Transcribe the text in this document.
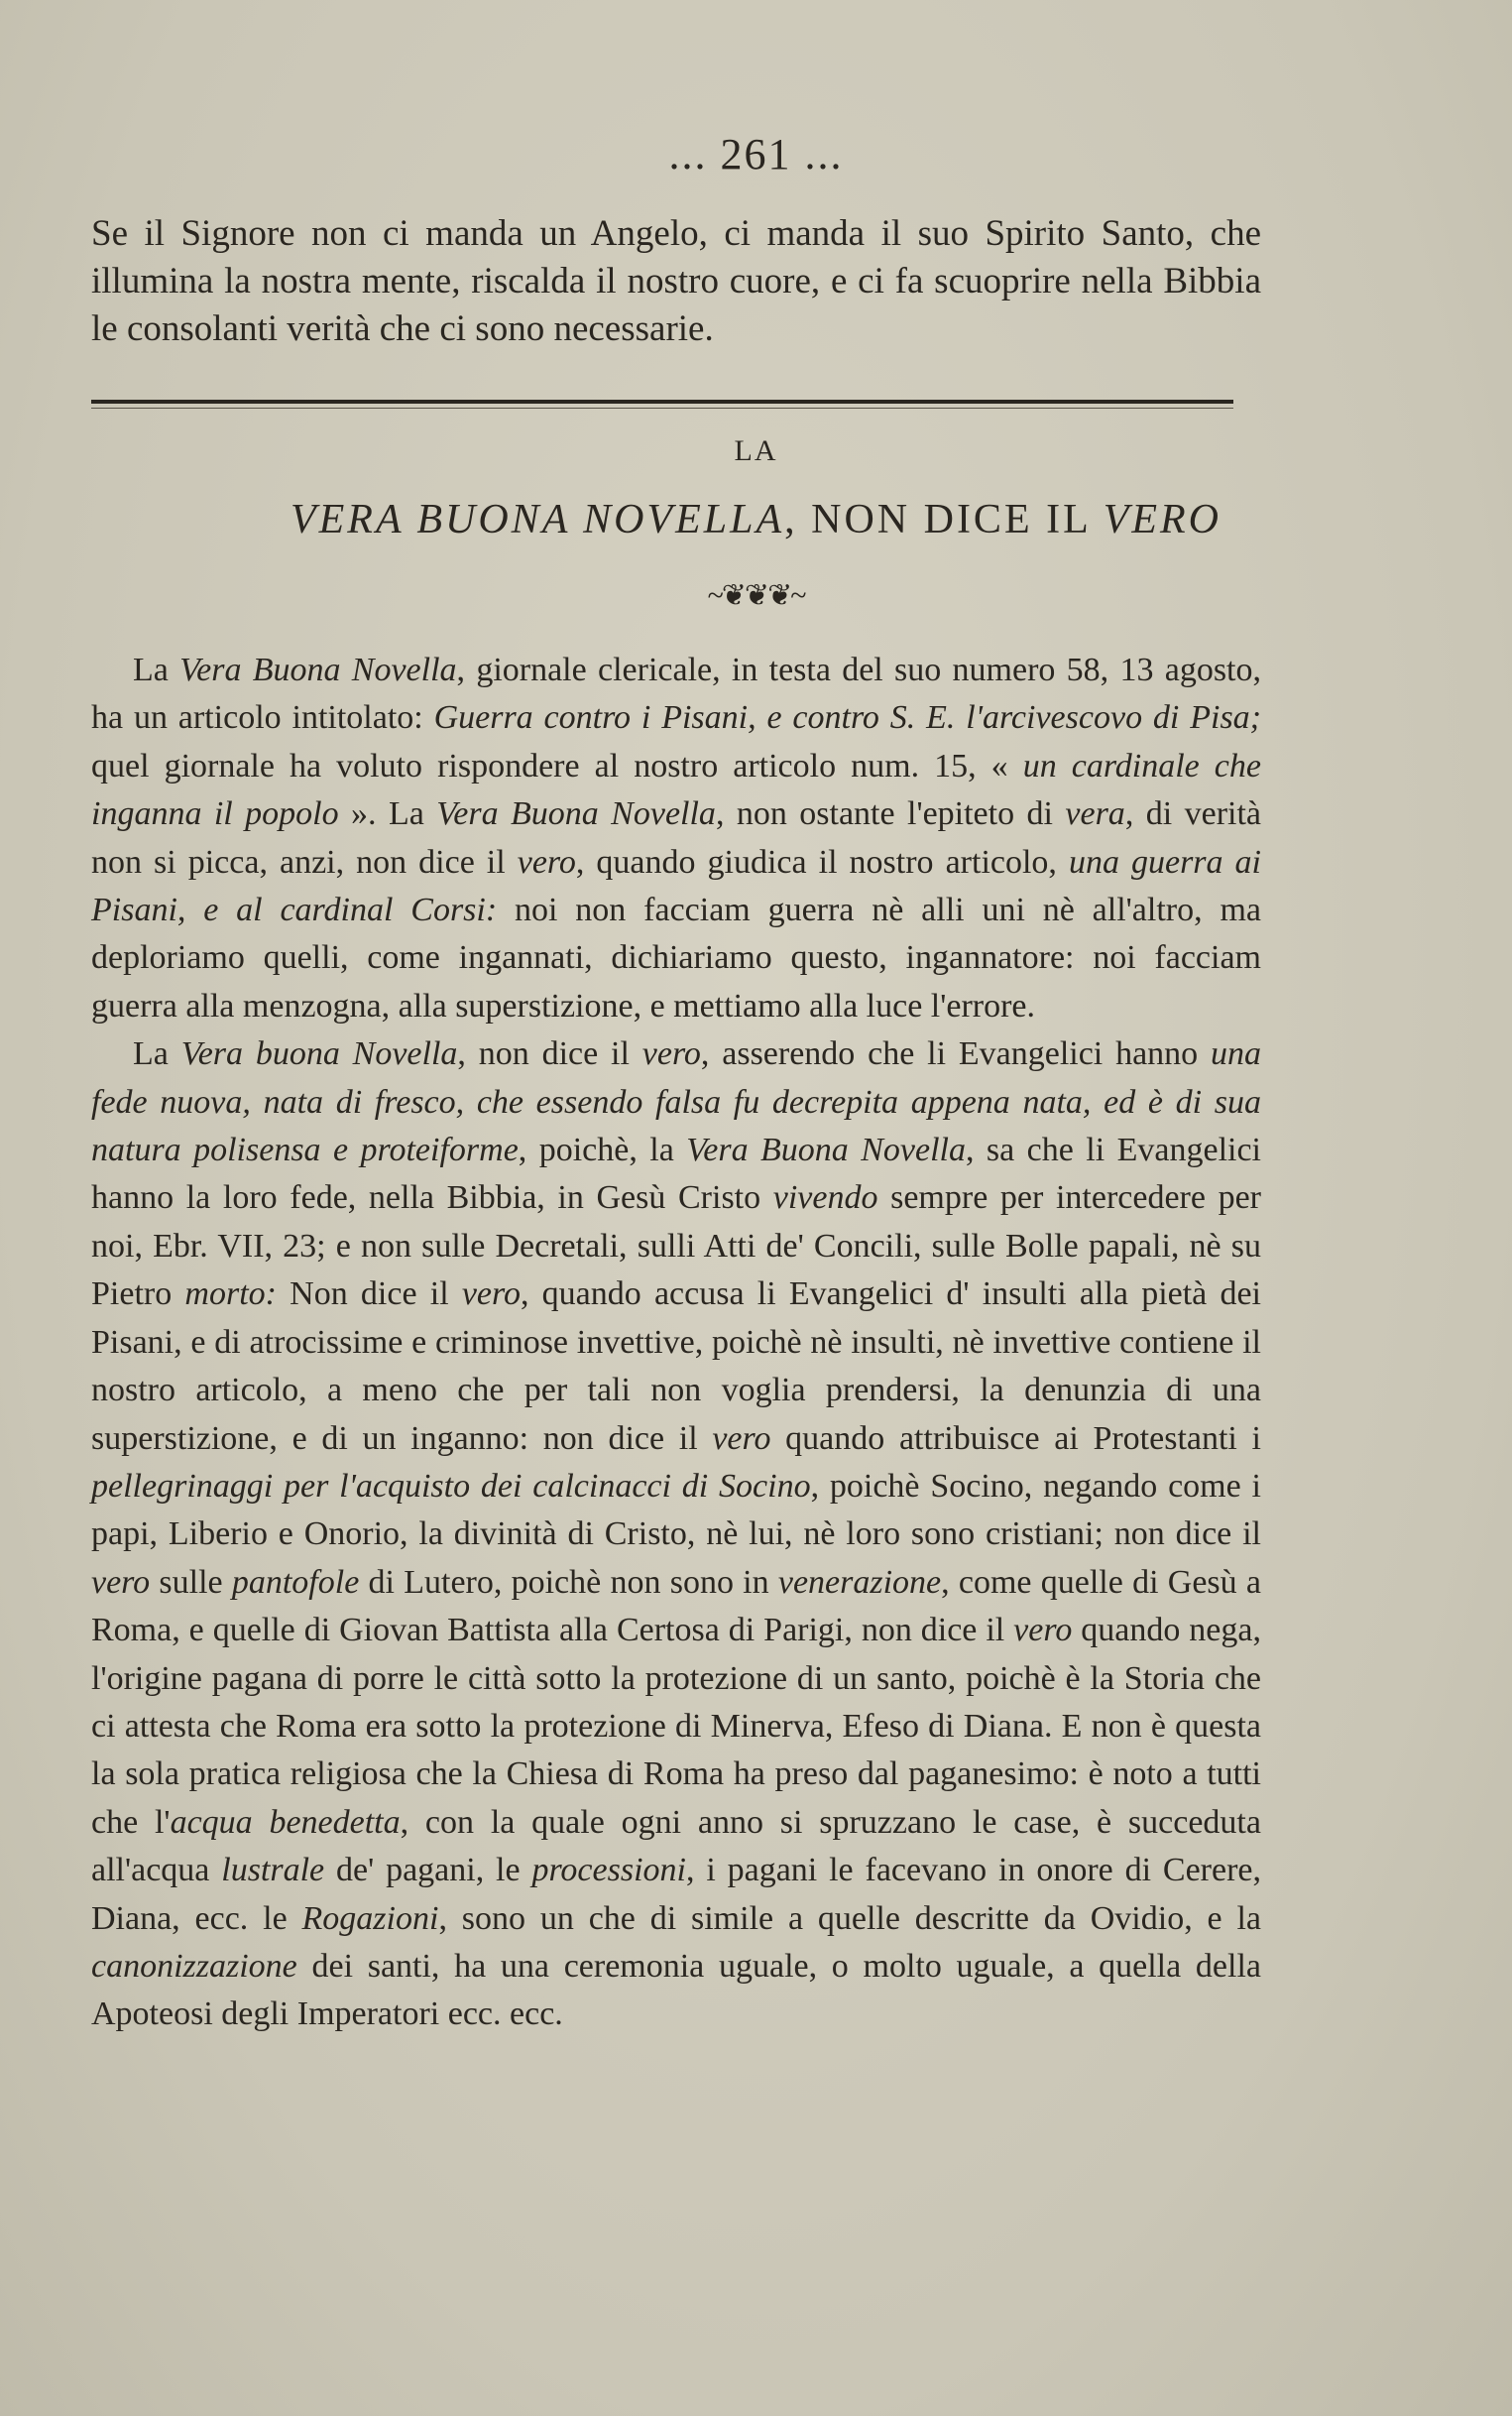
... 261 ...
Se il Signore non ci manda un Angelo, ci manda il suo Spirito Santo, che illumina la nostra mente, riscalda il nostro cuore, e ci fa scuoprire nella Bibbia le consolanti verità che ci sono necessarie.
LA
VERA BUONA NOVELLA, NON DICE IL VERO
~❦❦❦~

La Vera Buona Novella, giornale clericale, in testa del suo numero 58, 13 agosto, ha un articolo intitolato: Guerra contro i Pisani, e contro S. E. l'arcivescovo di Pisa; quel giornale ha voluto rispondere al nostro articolo num. 15, « un cardinale che inganna il popolo ». La Vera Buona Novella, non ostante l'epiteto di vera, di verità non si picca, anzi, non dice il vero, quando giudica il nostro articolo, una guerra ai Pisani, e al cardinal Corsi: noi non facciam guerra nè alli uni nè all'altro, ma deploriamo quelli, come ingannati, dichiariamo questo, ingannatore: noi facciam guerra alla menzogna, alla superstizione, e mettiamo alla luce l'errore.

La Vera buona Novella, non dice il vero, asserendo che li Evangelici hanno una fede nuova, nata di fresco, che essendo falsa fu decrepita appena nata, ed è di sua natura polisensa e proteiforme, poichè, la Vera Buona Novella, sa che li Evangelici hanno la loro fede, nella Bibbia, in Gesù Cristo vivendo sempre per intercedere per noi, Ebr. VII, 23; e non sulle Decretali, sulli Atti de' Concili, sulle Bolle papali, nè su Pietro morto: Non dice il vero, quando accusa li Evangelici d' insulti alla pietà dei Pisani, e di atrocissime e criminose invettive, poichè nè insulti, nè invettive contiene il nostro articolo, a meno che per tali non voglia prendersi, la denunzia di una superstizione, e di un inganno: non dice il vero quando attribuisce ai Protestanti i pellegrinaggi per l'acquisto dei calcinacci di Socino, poichè Socino, negando come i papi, Liberio e Onorio, la divinità di Cristo, nè lui, nè loro sono cristiani; non dice il vero sulle pantofole di Lutero, poichè non sono in venerazione, come quelle di Gesù a Roma, e quelle di Giovan Battista alla Certosa di Parigi, non dice il vero quando nega, l'origine pagana di porre le città sotto la protezione di un santo, poichè è la Storia che ci attesta che Roma era sotto la protezione di Minerva, Efeso di Diana. E non è questa la sola pratica religiosa che la Chiesa di Roma ha preso dal paganesimo: è noto a tutti che l'acqua benedetta, con la quale ogni anno si spruzzano le case, è succeduta all'acqua lustrale de' pagani, le processioni, i pagani le facevano in onore di Cerere, Diana, ecc. le Rogazioni, sono un che di simile a quelle descritte da Ovidio, e la canonizzazione dei santi, ha una ceremonia uguale, o molto uguale, a quella della Apoteosi degli Imperatori ecc. ecc.
